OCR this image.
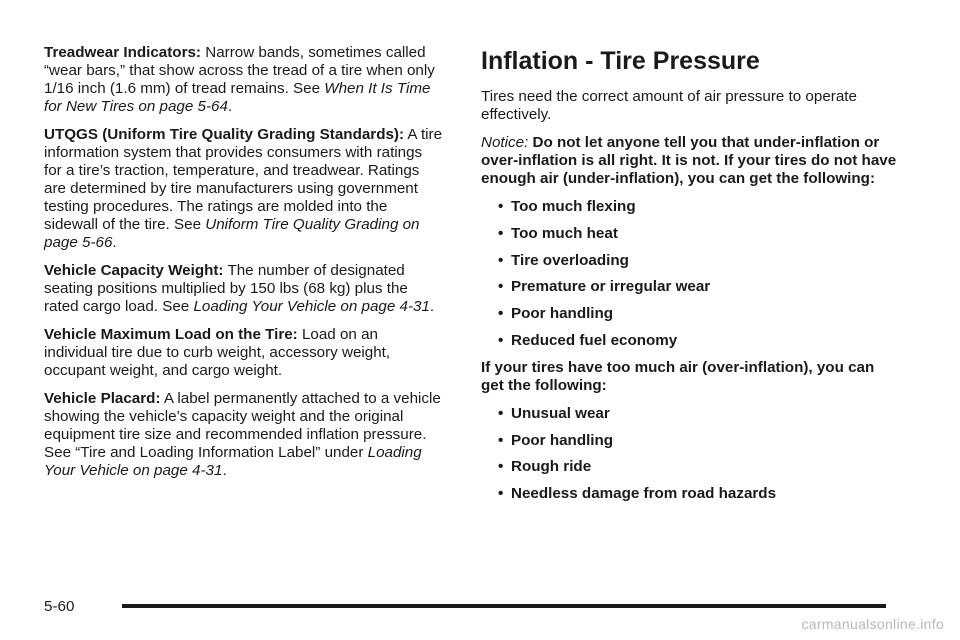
Treadwear Indicators: Narrow bands, sometimes called “wear bars,” that show across the tread of a tire when only 1/16 inch (1.6 mm) of tread remains. See When It Is Time for New Tires on page 5-64.

UTQGS (Uniform Tire Quality Grading Standards): A tire information system that provides consumers with ratings for a tire’s traction, temperature, and treadwear. Ratings are determined by tire manufacturers using government testing procedures. The ratings are molded into the sidewall of the tire. See Uniform Tire Quality Grading on page 5-66.

Vehicle Capacity Weight: The number of designated seating positions multiplied by 150 lbs (68 kg) plus the rated cargo load. See Loading Your Vehicle on page 4-31.

Vehicle Maximum Load on the Tire: Load on an individual tire due to curb weight, accessory weight, occupant weight, and cargo weight.

Vehicle Placard: A label permanently attached to a vehicle showing the vehicle’s capacity weight and the original equipment tire size and recommended inflation pressure. See “Tire and Loading Information Label” under Loading Your Vehicle on page 4-31.

Inflation - Tire Pressure

Tires need the correct amount of air pressure to operate effectively.

Notice: Do not let anyone tell you that under-inflation or over-inflation is all right. It is not. If your tires do not have enough air (under-inflation), you can get the following:

• Too much flexing
• Too much heat
• Tire overloading
• Premature or irregular wear
• Poor handling
• Reduced fuel economy

If your tires have too much air (over-inflation), you can get the following:

• Unusual wear
• Poor handling
• Rough ride
• Needless damage from road hazards
5-60
carmanualsonline.info
